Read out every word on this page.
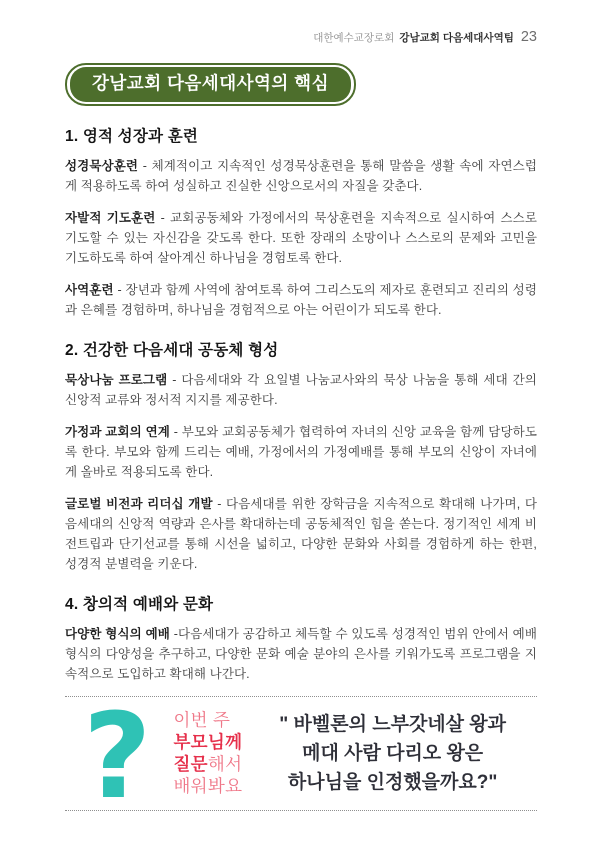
대한예수교장로회 강남교회 다음세대사역팀 23
강남교회 다음세대사역의 핵심
1. 영적 성장과 훈련

성경묵상훈련 - 체계적이고 지속적인 성경묵상훈련을 통해 말씀을 생활 속에 자연스럽게 적용하도록 하여 성실하고 진실한 신앙으로서의 자질을 갖춘다.

자발적 기도훈련 - 교회공동체와 가정에서의 묵상훈련을 지속적으로 실시하여 스스로 기도할 수 있는 자신감을 갖도록 한다. 또한 장래의 소망이나 스스로의 문제와 고민을 기도하도록 하여 살아계신 하나님을 경험토록 한다.

사역훈련 - 장년과 함께 사역에 참여토록 하여 그리스도의 제자로 훈련되고 진리의 성령과 은혜를 경험하며, 하나님을 경험적으로 아는 어린이가 되도록 한다.

2. 건강한 다음세대 공동체 형성

묵상나눔 프로그램 - 다음세대와 각 요일별 나눔교사와의 묵상 나눔을 통해 세대 간의 신앙적 교류와 정서적 지지를 제공한다.

가정과 교회의 연계 - 부모와 교회공동체가 협력하여 자녀의 신앙 교육을 함께 담당하도록 한다. 부모와 함께 드리는 예배, 가정에서의 가정예배를 통해 부모의 신앙이 자녀에게 올바로 적용되도록 한다.

글로벌 비전과 리더십 개발 - 다음세대를 위한 장학금을 지속적으로 확대해 나가며, 다음세대의 신앙적 역량과 은사를 확대하는데 공동체적인 힘을 쏟는다. 정기적인 세계 비전트립과 단기선교를 통해 시선을 넓히고, 다양한 문화와 사회를 경험하게 하는 한편, 성경적 분별력을 키운다.

4. 창의적 예배와 문화

다양한 형식의 예배 -다음세대가 공감하고 체득할 수 있도록 성경적인 범위 안에서 예배형식의 다양성을 추구하고, 다양한 문화 예술 분야의 은사를 키워가도록 프로그램을 지속적으로 도입하고 확대해 나간다.

? 이번 주
부모님께
질문해서
배워봐요
" 바벨론의 느부갓네살 왕과
메대 사람 다리오 왕은
하나님을 인정했을까요?"
